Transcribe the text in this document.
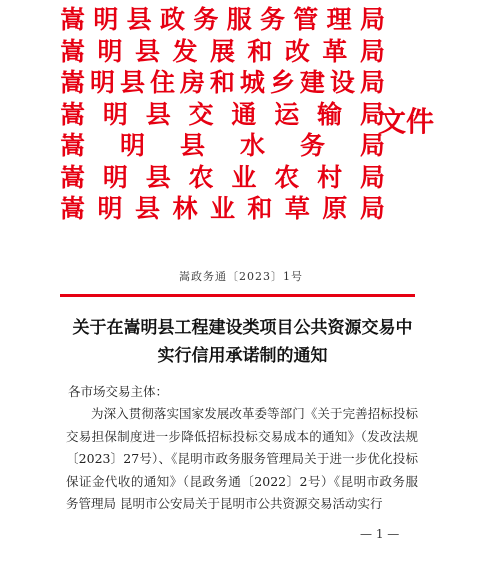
嵩 明 县 政 务 服 务 管 理 局
嵩 明 县 发 展 和 改 革 局
嵩 明 县 住 房 和 城 乡 建 设 局
嵩 明 县 交 通 运 输 局
嵩 明 县 水 务 局
嵩 明 县 农 业 农 村 局
嵩 明 县 林 业 和 草 原 局
文件
嵩政务通〔2023〕1号
关于在嵩明县工程建设类项目公共资源交易中
实行信用承诺制的通知
各市场交易主体：
为深入贯彻落实国家发展改革委等部门《关于完善招标投标交易担保制度进一步降低招标投标交易成本的通知》（发改法规〔2023〕27号）、《昆明市政务服务管理局关于进一步优化投标保证金代收的通知》（昆政务通〔2022〕2号）《昆明市政务服务管理局 昆明市公安局关于昆明市公共资源交易活动实行
— 1 —
